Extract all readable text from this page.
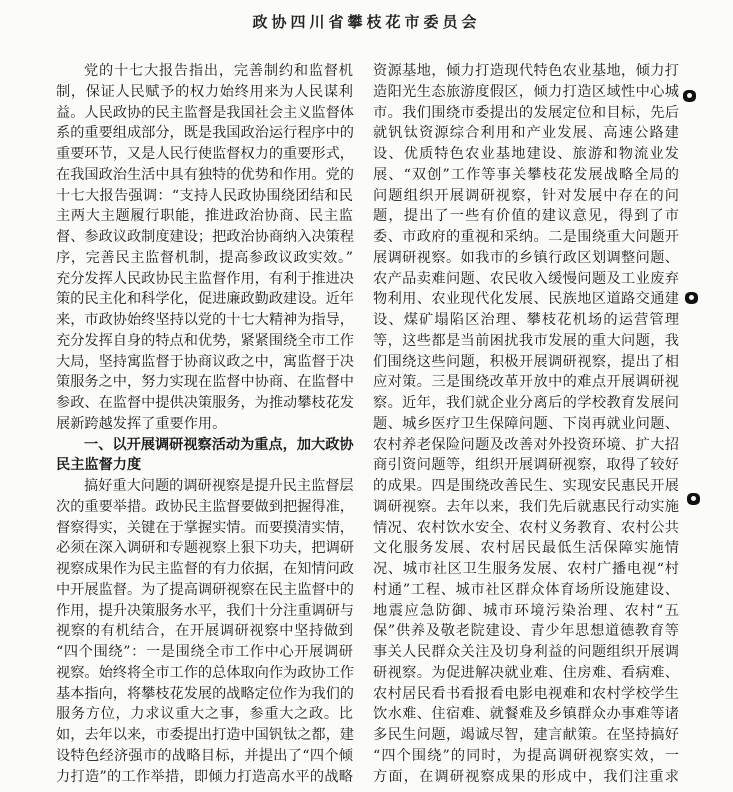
政协四川省攀枝花市委员会
党的十七大报告指出，完善制约和监督机
制，保证人民赋予的权力始终用来为人民谋利
益。人民政协的民主监督是我国社会主义监督体
系的重要组成部分，既是我国政治运行程序中的
重要环节，又是人民行使监督权力的重要形式，
在我国政治生活中具有独特的优势和作用。党的
十七大报告强调：“支持人民政协围绕团结和民
主两大主题履行职能，推进政治协商、民主监
督、参政议政制度建设；把政治协商纳入决策程
序，完善民主监督机制，提高参政议政实效。”
充分发挥人民政协民主监督作用，有利于推进决
策的民主化和科学化，促进廉政勤政建设。近年
来，市政协始终坚持以党的十七大精神为指导，
充分发挥自身的特点和优势，紧紧围绕全市工作
大局，坚持寓监督于协商议政之中，寓监督于决
策服务之中，努力实现在监督中协商、在监督中
参政、在监督中提供决策服务，为推动攀枝花发
展新跨越发挥了重要作用。
一、以开展调研视察活动为重点，加大政协
民主监督力度
搞好重大问题的调研视察是提升民主监督层
次的重要举措。政协民主监督要做到把握得准，
督察得实，关键在于掌握实情。而要摸清实情，
必须在深入调研和专题视察上狠下功夫，把调研
视察成果作为民主监督的有力依据，在知情问政
中开展监督。为了提高调研视察在民主监督中的
作用，提升决策服务水平，我们十分注重调研与
视察的有机结合，在开展调研视察中坚持做到
“四个围绕”：一是围绕全市工作中心开展调研
视察。始终将全市工作的总体取向作为政协工作
基本指向，将攀枝花发展的战略定位作为我们的
服务方位，力求议重大之事，参重大之政。比
如，去年以来，市委提出打造中国钒钛之都，建
设特色经济强市的战略目标，并提出了“四个倾
力打造”的工作举措，即倾力打造高水平的战略
资源基地，倾力打造现代特色农业基地，倾力打
造阳光生态旅游度假区，倾力打造区域性中心城
市。我们围绕市委提出的发展定位和目标，先后
就钒钛资源综合利用和产业发展、高速公路建
设、优质特色农业基地建设、旅游和物流业发
展、“双创”工作等事关攀枝花发展战略全局的
问题组织开展调研视察，针对发展中存在的问
题，提出了一些有价值的建议意见，得到了市
委、市政府的重视和采纳。二是围绕重大问题开
展调研视察。如我市的乡镇行政区划调整问题、
农产品卖难问题、农民收入缓慢问题及工业废弃
物利用、农业现代化发展、民族地区道路交通建
设、煤矿塌陷区治理、攀枝花机场的运营管理
等，这些都是当前困扰我市发展的重大问题，我
们围绕这些问题，积极开展调研视察，提出了相
应对策。三是围绕改革开放中的难点开展调研视
察。近年，我们就企业分离后的学校教育发展问
题、城乡医疗卫生保障问题、下岗再就业问题、
农村养老保险问题及改善对外投资环境、扩大招
商引资问题等，组织开展调研视察，取得了较好
的成果。四是围绕改善民生、实现安民惠民开展
调研视察。去年以来，我们先后就惠民行动实施
情况、农村饮水安全、农村义务教育、农村公共
文化服务发展、农村居民最低生活保障实施情
况、城市社区卫生服务发展、农村广播电视“村
村通”工程、城市社区群众体育场所设施建设、
地震应急防御、城市环境污染治理、农村“五
保”供养及敬老院建设、青少年思想道德教育等
事关人民群众关注及切身利益的问题组织开展调
研视察。为促进解决就业难、住房难、看病难、
农村居民看书看报看电影电视难和农村学校学生
饮水难、住宿难、就餐难及乡镇群众办事难等诸
多民生问题，竭诚尽智，建言献策。在坚持搞好
“四个围绕”的同时，为提高调研视察实效，一
方面，在调研视察成果的形成中，我们注重求
